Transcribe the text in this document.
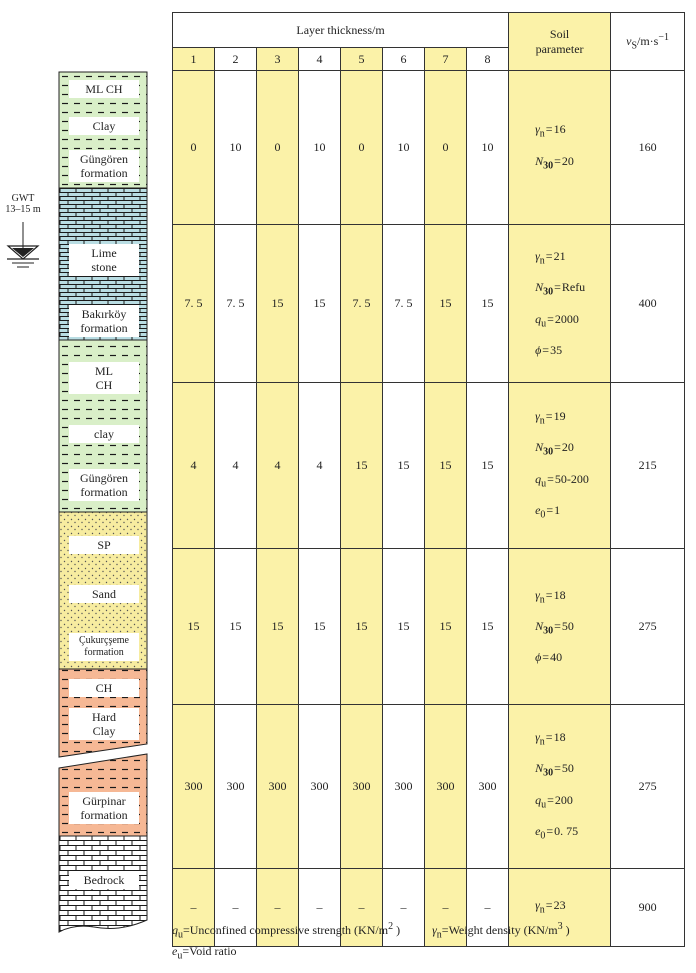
GWT
13–15 m
ML CH
Clay
Güngören
formation
Lime
stone
Bakırköy
formation
ML
CH
clay
Güngören
formation
SP
Sand
Çukurçşeme
formation
CH
Hard
Clay
Gürpinar
formation
Bedrock
Layer thickness/m								Soil
parameter	$v_S/m\cdot s^{-1}$
1	2	3	4	5	6	7	8		
0	10	0	10	0	10	0	10	$\gamma_n=16$
$N_{30}=20$	160
7. 5	7. 5	15	15	7. 5	7. 5	15	15	$\gamma_n=21$
$N_{30}=Refu$
$q_u=2000$
ϕ=35	400
4	4	4	4	15	15	15	15	$\gamma_n=19$
$N_{30}=20$
$q_u=50-200$
$e_0=1$	215
15	15	15	15	15	15	15	15	$\gamma_n=18$
$N_{30}=50$
ϕ=40	275
300	300	300	300	300	300	300	300	$\gamma_n=18$
$N_{30}=50$
$q_u=200$
$e_0=0$. 75	275
–	–	–	–	–	–	–	–	$\gamma_n=23$	900
$q_u=Unconfined$ compressive strength ($KN/m^2$ )	$\gamma_n=Weight$ density ($KN/m^3$ )
$e_u=Void$ ratio
